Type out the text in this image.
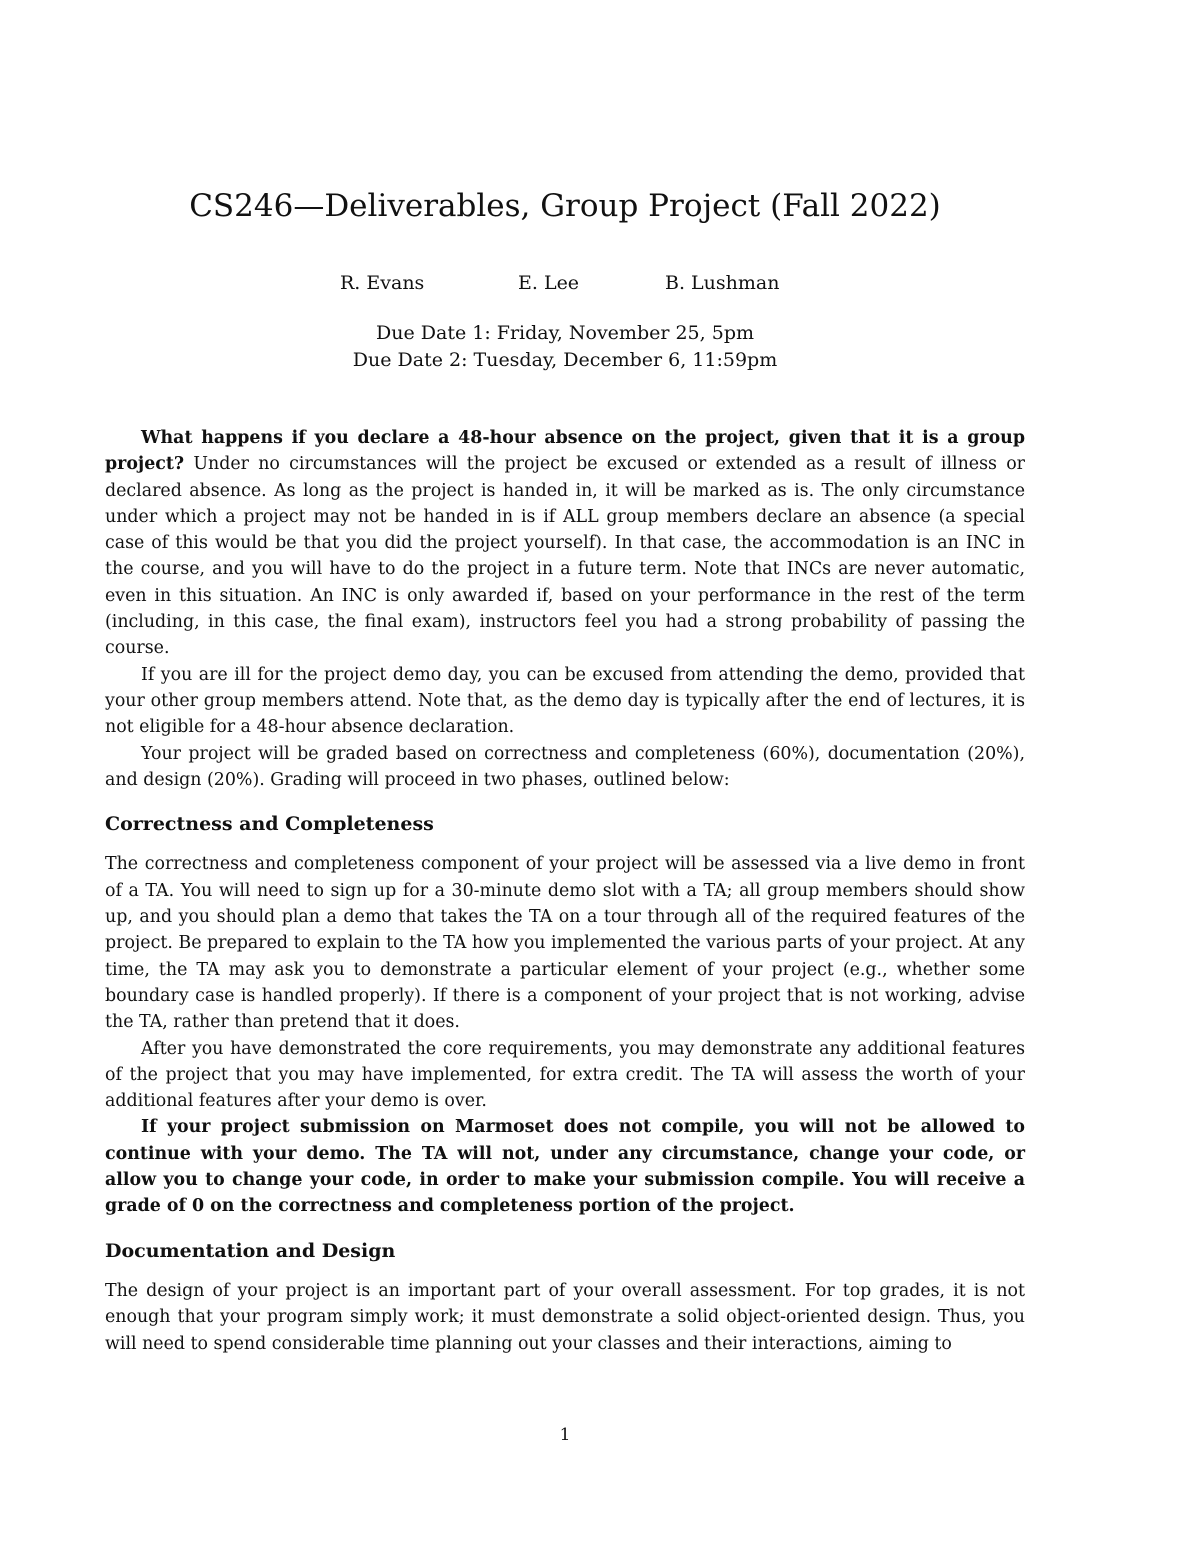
CS246—Deliverables, Group Project (Fall 2022)
R. Evans	E. Lee	B. Lushman
Due Date 1: Friday, November 25, 5pm
Due Date 2: Tuesday, December 6, 11:59pm

What happens if you declare a 48-hour absence on the project, given that it is a group project? Under no circumstances will the project be excused or extended as a result of illness or declared absence. As long as the project is handed in, it will be marked as is. The only circumstance under which a project may not be handed in is if ALL group members declare an absence (a special case of this would be that you did the project yourself). In that case, the accommodation is an INC in the course, and you will have to do the project in a future term. Note that INCs are never automatic, even in this situation. An INC is only awarded if, based on your performance in the rest of the term (including, in this case, the final exam), instructors feel you had a strong probability of passing the course.

If you are ill for the project demo day, you can be excused from attending the demo, provided that your other group members attend. Note that, as the demo day is typically after the end of lectures, it is not eligible for a 48-hour absence declaration.

Your project will be graded based on correctness and completeness (60%), documentation (20%), and design (20%). Grading will proceed in two phases, outlined below:

Correctness and Completeness

The correctness and completeness component of your project will be assessed via a live demo in front of a TA. You will need to sign up for a 30-minute demo slot with a TA; all group members should show up, and you should plan a demo that takes the TA on a tour through all of the required features of the project. Be prepared to explain to the TA how you implemented the various parts of your project. At any time, the TA may ask you to demonstrate a particular element of your project (e.g., whether some boundary case is handled properly). If there is a component of your project that is not working, advise the TA, rather than pretend that it does.

After you have demonstrated the core requirements, you may demonstrate any additional features of the project that you may have implemented, for extra credit. The TA will assess the worth of your additional features after your demo is over.

If your project submission on Marmoset does not compile, you will not be allowed to continue with your demo. The TA will not, under any circumstance, change your code, or allow you to change your code, in order to make your submission compile. You will receive a grade of 0 on the correctness and completeness portion of the project.

Documentation and Design

The design of your project is an important part of your overall assessment. For top grades, it is not enough that your program simply work; it must demonstrate a solid object-oriented design. Thus, you will need to spend considerable time planning out your classes and their interactions, aiming to

1
